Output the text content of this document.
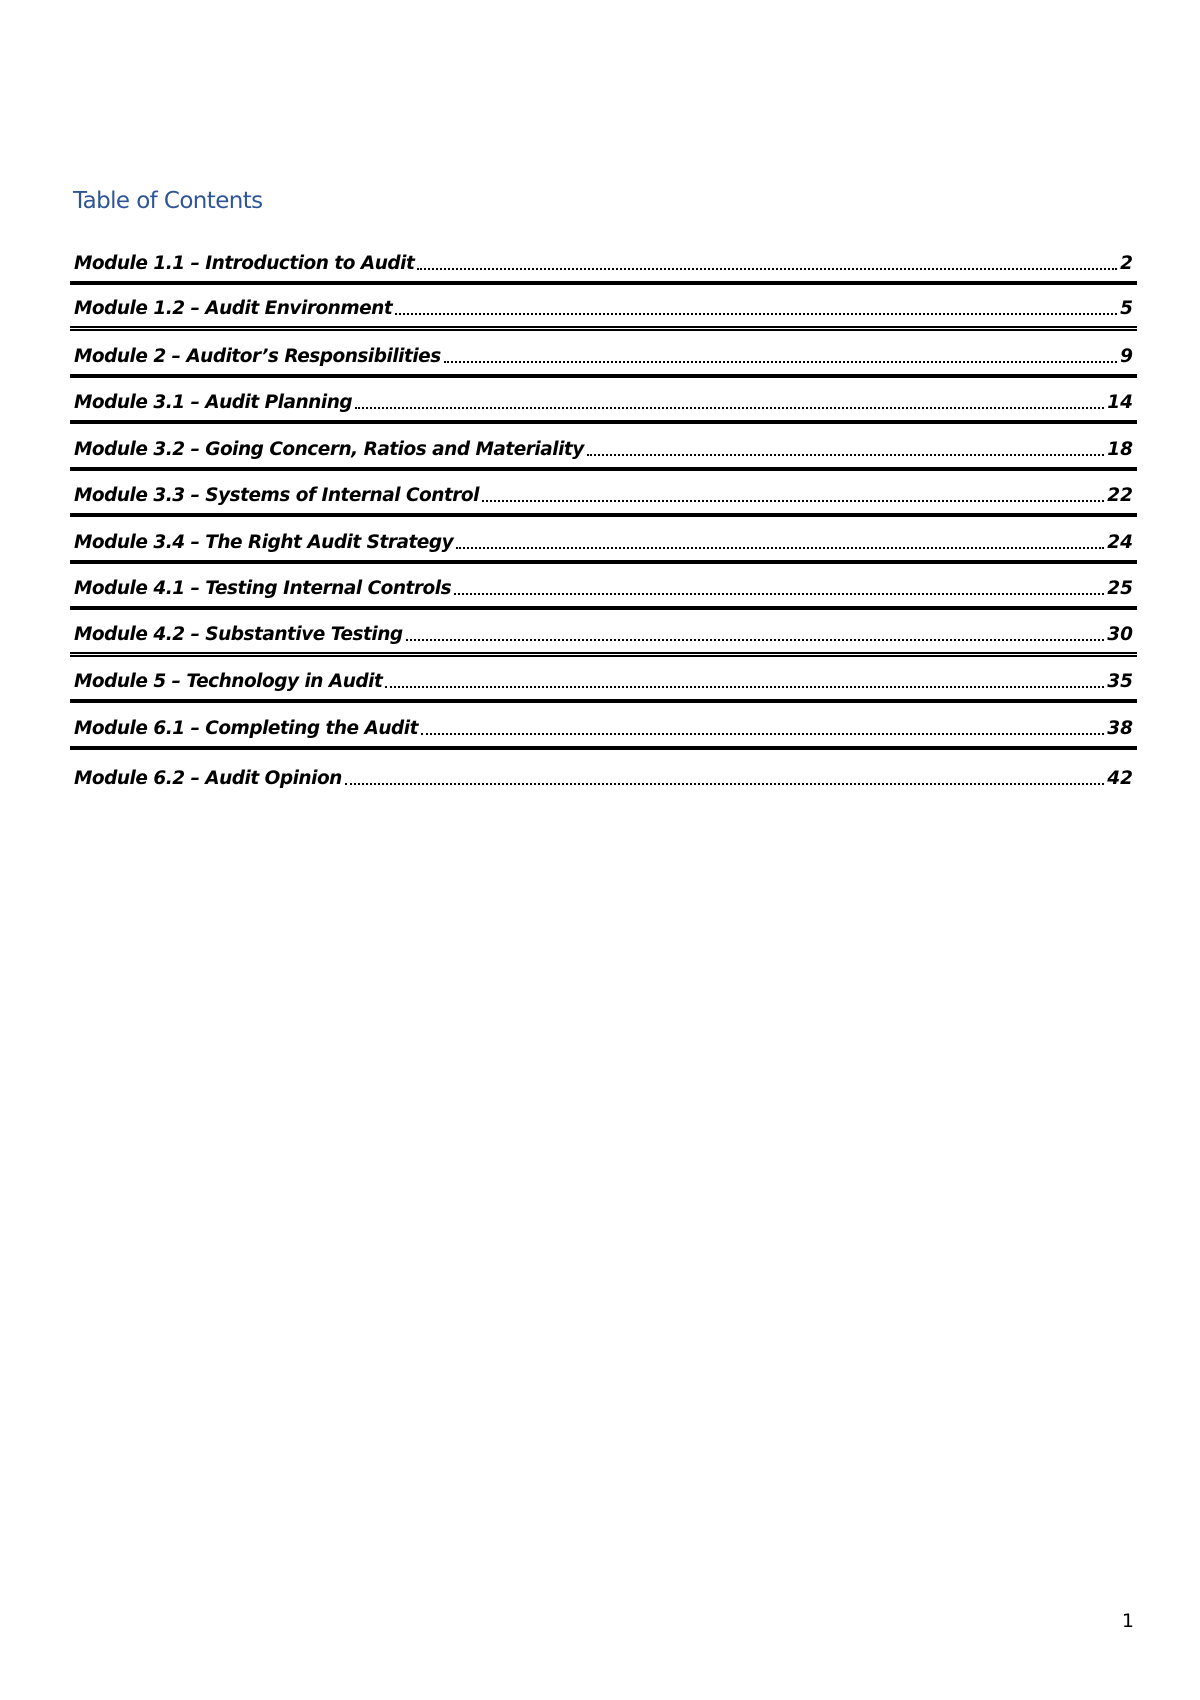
Table of Contents
Module 1.1 – Introduction to Audit	2
Module 1.2 – Audit Environment	5
Module 2 – Auditor’s Responsibilities	9
Module 3.1 – Audit Planning	14
Module 3.2 – Going Concern, Ratios and Materiality	18
Module 3.3 – Systems of Internal Control	22
Module 3.4 – The Right Audit Strategy	24
Module 4.1 – Testing Internal Controls	25
Module 4.2 – Substantive Testing	30
Module 5 – Technology in Audit	35
Module 6.1 – Completing the Audit	38
Module 6.2 – Audit Opinion	42
1
